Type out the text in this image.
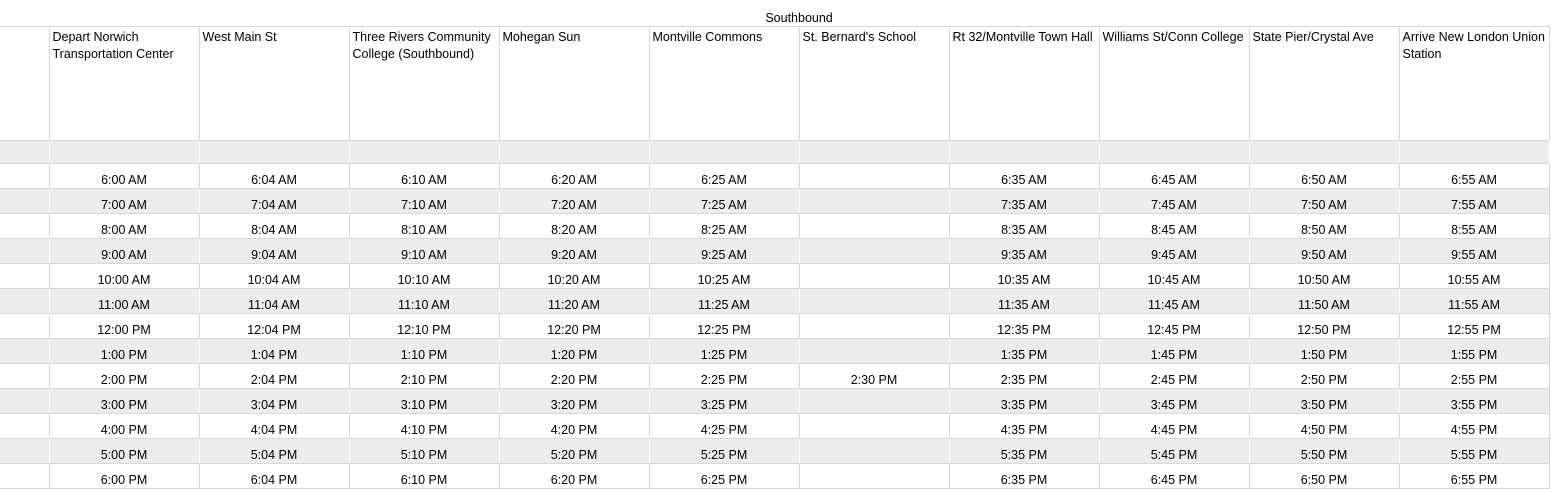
	Southbound									
	Depart Norwich Transportation Center	West Main St	Three Rivers Community College (Southbound)	Mohegan Sun	Montville Commons	St. Bernard's School	Rt 32/Montville Town Hall	Williams St/Conn College	State Pier/Crystal Ave	Arrive New London Union Station

	6:00 AM	6:04 AM	6:10 AM	6:20 AM	6:25 AM		6:35 AM	6:45 AM	6:50 AM	6:55 AM
	7:00 AM	7:04 AM	7:10 AM	7:20 AM	7:25 AM		7:35 AM	7:45 AM	7:50 AM	7:55 AM
	8:00 AM	8:04 AM	8:10 AM	8:20 AM	8:25 AM		8:35 AM	8:45 AM	8:50 AM	8:55 AM
	9:00 AM	9:04 AM	9:10 AM	9:20 AM	9:25 AM		9:35 AM	9:45 AM	9:50 AM	9:55 AM
	10:00 AM	10:04 AM	10:10 AM	10:20 AM	10:25 AM		10:35 AM	10:45 AM	10:50 AM	10:55 AM
	11:00 AM	11:04 AM	11:10 AM	11:20 AM	11:25 AM		11:35 AM	11:45 AM	11:50 AM	11:55 AM
	12:00 PM	12:04 PM	12:10 PM	12:20 PM	12:25 PM		12:35 PM	12:45 PM	12:50 PM	12:55 PM
	1:00 PM	1:04 PM	1:10 PM	1:20 PM	1:25 PM		1:35 PM	1:45 PM	1:50 PM	1:55 PM
	2:00 PM	2:04 PM	2:10 PM	2:20 PM	2:25 PM	2:30 PM	2:35 PM	2:45 PM	2:50 PM	2:55 PM
	3:00 PM	3:04 PM	3:10 PM	3:20 PM	3:25 PM		3:35 PM	3:45 PM	3:50 PM	3:55 PM
	4:00 PM	4:04 PM	4:10 PM	4:20 PM	4:25 PM		4:35 PM	4:45 PM	4:50 PM	4:55 PM
	5:00 PM	5:04 PM	5:10 PM	5:20 PM	5:25 PM		5:35 PM	5:45 PM	5:50 PM	5:55 PM
	6:00 PM	6:04 PM	6:10 PM	6:20 PM	6:25 PM		6:35 PM	6:45 PM	6:50 PM	6:55 PM
